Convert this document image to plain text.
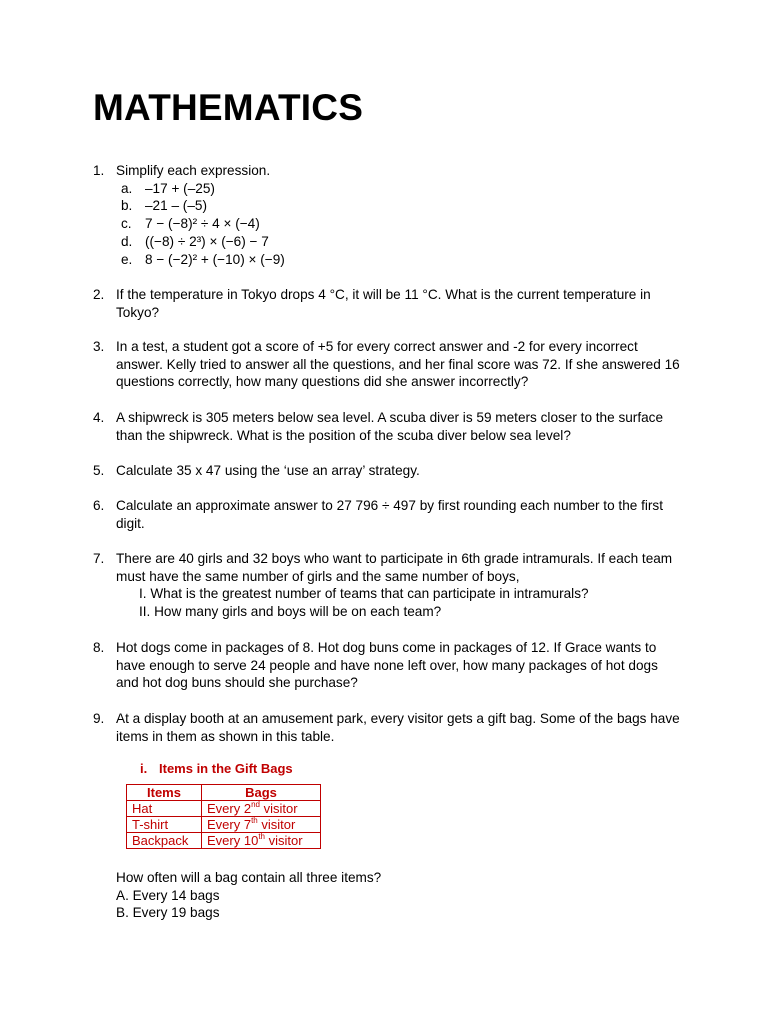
MATHEMATICS
1. Simplify each expression.
a. –17 + (–25)
b. –21 – (–5)
c. 7 − (−8)² ÷ 4 × (−4)
d. ((−8) ÷ 2³) × (−6) − 7
e. 8 − (−2)² + (−10) × (−9)
2. If the temperature in Tokyo drops 4 °C, it will be 11 °C. What is the current temperature in Tokyo?
3. In a test, a student got a score of +5 for every correct answer and -2 for every incorrect answer. Kelly tried to answer all the questions, and her final score was 72. If she answered 16 questions correctly, how many questions did she answer incorrectly?
4. A shipwreck is 305 meters below sea level. A scuba diver is 59 meters closer to the surface than the shipwreck. What is the position of the scuba diver below sea level?
5. Calculate 35 x 47 using the ‘use an array’ strategy.
6. Calculate an approximate answer to 27 796 ÷ 497 by first rounding each number to the first digit.
7. There are 40 girls and 32 boys who want to participate in 6th grade intramurals. If each team must have the same number of girls and the same number of boys,
I. What is the greatest number of teams that can participate in intramurals?
II. How many girls and boys will be on each team?
8. Hot dogs come in packages of 8. Hot dog buns come in packages of 12. If Grace wants to have enough to serve 24 people and have none left over, how many packages of hot dogs and hot dog buns should she purchase?
9. At a display booth at an amusement park, every visitor gets a gift bag. Some of the bags have items in them as shown in this table.
i. Items in the Gift Bags
Items	Bags
Hat	Every 2nd visitor
T-shirt	Every 7th visitor
Backpack	Every 10th visitor
How often will a bag contain all three items?
A. Every 14 bags
B. Every 19 bags
